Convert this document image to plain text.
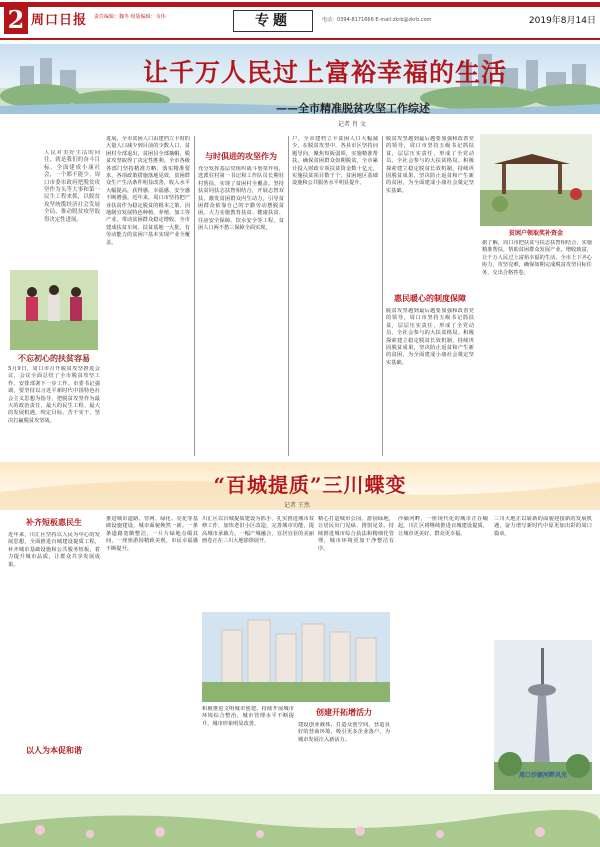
2 周口日报	责任编辑：魏冬 组版编辑：韦伟	专题	电话：0394-8171666 E-mail:zkrb@zkrb.com	2019年8月14日
让千万人民过上富裕幸福的生活
——全市精准脱贫攻坚工作综述
记者 肖 文
人民对美好生活的向往，就是我们的奋斗目标。全面建成小康社会，一个都不能少。周口市委市政府把脱贫攻坚作为头等大事和第一民生工程来抓，以脱贫攻坚统揽经济社会发展全局，推动脱贫攻坚取得决定性进展。
不忘初心的扶贫容易
5月9日，周口市召开脱贫攻坚推进会议，会议全面总结了全市脱贫攻坚工作，安排部署下一步工作。市委书记强调，要坚持以习近平新时代中国特色社会主义思想为指导，把脱贫攻坚作为最大的政治责任、最大的民生工程、最大的发展机遇，咬定目标，苦干实干，坚决打赢脱贫攻坚战。
进展。全市贫困人口由建档立卡时的大量人口减少到目前的少数人口，贫困村全部退出，贫困县全部摘帽，脱贫攻坚取得了决定性胜利。全市各级各部门坚持精准方略，落实精准要求，各项政策措施落地见效，贫困群众生产生活条件明显改善，收入水平大幅提高，获得感、幸福感、安全感不断增强。近年来，周口市坚持把产业扶贫作为稳定脱贫的根本之策，因地制宜发展特色种植、养殖、加工等产业，带动贫困群众稳定增收。全市建成扶贫车间、扶贫基地一大批，有劳动能力的贫困户基本实现产业全覆盖。
与时俱进的攻坚作为
充分发挥基层党组织战斗堡垒作用，选派驻村第一书记和工作队员长期驻村帮扶，实现了贫困村全覆盖。坚持扶贫同扶志扶智相结合，开展志智双扶，激发贫困群众内生动力，引导贫困群众依靠自己的辛勤劳动摆脱贫困。大力实施教育扶贫、健康扶贫、住房安全保障、饮水安全等工程，贫困人口两不愁三保障全面实现。
户，全市建档立卡贫困人口大幅减少。在脱贫攻坚中，各县市区坚持问题导向，聚焦短板弱项，实施精准帮扶，确保贫困群众如期脱贫。全市累计投入财政专项扶贫资金数十亿元，实施扶贫项目数千个，贫困地区基础设施和公共服务水平明显提升。
脱贫攻坚越到最后越要加强和改善党的领导，周口市坚持五级书记抓扶贫，层层压实责任，形成了全党动员、全社会参与的大扶贫格局。积极探索建立稳定脱贫长效机制，持续巩固脱贫成果，坚决防止返贫和产生新的贫困，为全面建成小康社会奠定坚实基础。
惠民暖心的制度保障
脱贫攻坚越到最后越要加强和改善党的领导，周口市坚持五级书记抓扶贫，层层压实责任，形成了全党动员、全社会参与的大扶贫格局。积极探索建立稳定脱贫长效机制，持续巩固脱贫成果，坚决防止返贫和产生新的贫困，为全面建成小康社会奠定坚实基础。
贫困户领取奖补资金
据了解，周口市把扶贫与扶志扶智相结合，实施精准帮扶，帮助贫困群众发展产业，增收致富，让千万人民过上富裕幸福的生活。全市上下齐心协力，攻坚克难，确保如期完成脱贫攻坚目标任务，交出合格答卷。
“百城提质”三川蝶变
记者 王然
补齐短板惠民生
近年来，川汇区坚持以人民为中心的发展思想，全面推进百城建设提质工程，补齐城市基础设施和公共服务短板，着力提升城市品质，让群众共享发展成果。
以人为本促和谐
推进城市道路、管网、绿化、亮化等基础设施建设，城市面貌焕然一新。一条条道路宽敞整洁，一片片绿地点缀其间，一座座游园精致美观，市民幸福感不断提升。
川汇区以百城提质建设为抓手，扎实推进城市双修工作，加快老旧小区改造，完善城市功能，提高城市承载力。一幅产城融合、宜居宜业的美丽画卷正在三川大地徐徐展开。
精心打造城市公园、游园绿地，让居民出门见绿、推窗见景。持续推进城市综合执法和精细化管理，城市环境更加干净整洁有序。
积极推进文明城市创建，持续开展城市环境综合整治，城市管理水平不断提升，城市形象明显改善。
创建开拓增活力
建设创业载体，打造众创空间，营造良好的营商环境，吸引更多企业落户，为城市发展注入新活力。
沙颍河畔，一座现代化的城市正在崛起。川汇区将继续推进百城建设提质，让城市更美好、群众更幸福。
三川大地正以崭新的面貌迎接新的发展机遇，奋力谱写新时代中原更加出彩的周口篇章。
周口沙颍河畔风光
